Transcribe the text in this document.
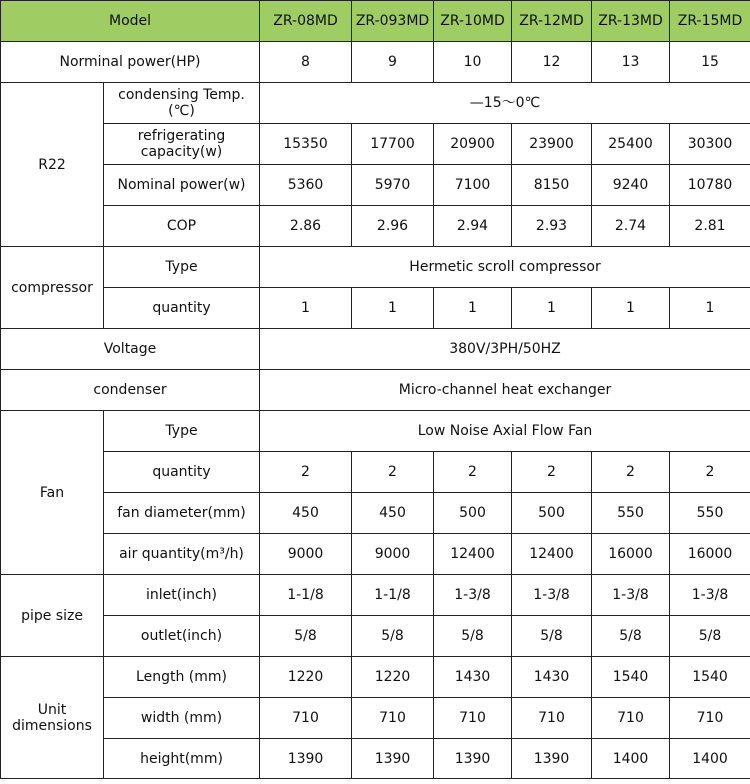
Model		ZR-08MD	ZR-093MD	ZR-10MD	ZR-12MD	ZR-13MD	ZR-15MD
Norminal power(HP)		8	9	10	12	13	15
R22	condensing Temp.(℃)	—15～0℃					
	refrigerating capacity(w)	15350	17700	20900	23900	25400	30300
	Nominal power(w)	5360	5970	7100	8150	9240	10780
	COP	2.86	2.96	2.94	2.93	2.74	2.81
compressor	Type	Hermetic scroll compressor					
	quantity	1	1	1	1	1	1
Voltage		380V/3PH/50HZ					
condenser		Micro-channel heat exchanger					
Fan	Type	Low Noise Axial Flow Fan					
	quantity	2	2	2	2	2	2
	fan diameter(mm)	450	450	500	500	550	550
	air quantity(m³/h)	9000	9000	12400	12400	16000	16000
pipe size	inlet(inch)	1-1/8	1-1/8	1-3/8	1-3/8	1-3/8	1-3/8
	outlet(inch)	5/8	5/8	5/8	5/8	5/8	5/8
Unit dimensions	Length (mm)	1220	1220	1430	1430	1540	1540
	width (mm)	710	710	710	710	710	710
	height(mm)	1390	1390	1390	1390	1400	1400
